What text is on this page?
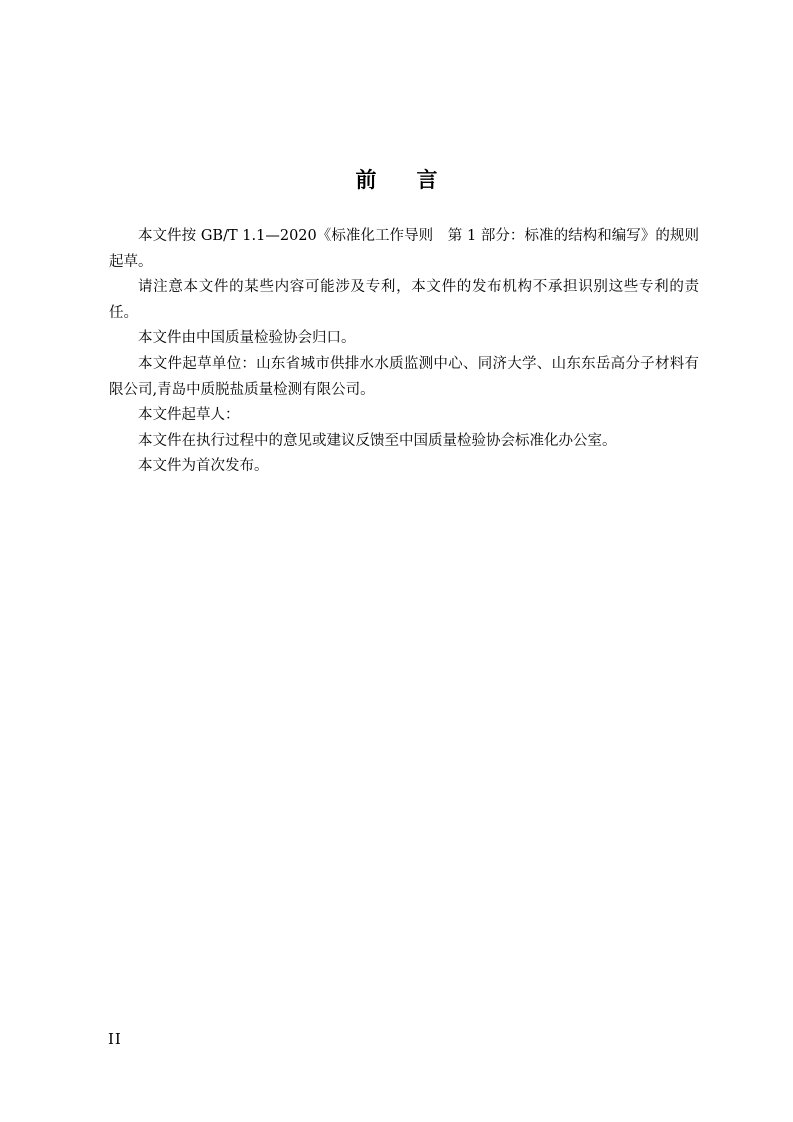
前言

本文件按 GB/T 1.1—2020《标准化工作导则　第 1 部分：标准的结构和编写》的规则起草。

请注意本文件的某些内容可能涉及专利，本文件的发布机构不承担识别这些专利的责任。

本文件由中国质量检验协会归口。

本文件起草单位：山东省城市供排水水质监测中心、同济大学、山东东岳高分子材料有限公司,青岛中质脱盐质量检测有限公司。

本文件起草人：

本文件在执行过程中的意见或建议反馈至中国质量检验协会标准化办公室。

本文件为首次发布。

II
